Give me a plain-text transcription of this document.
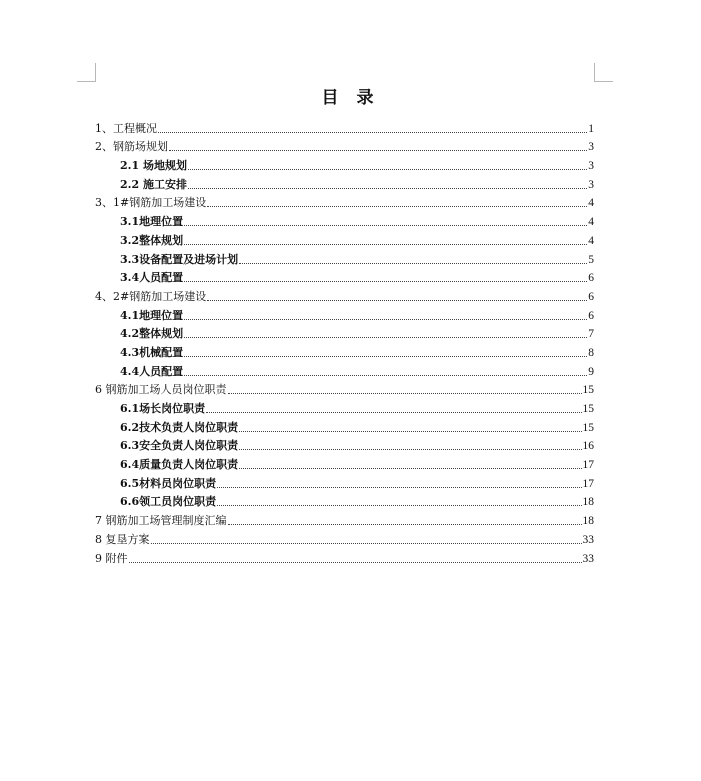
目 录
1、工程概况	1
2、钢筋场规划	3
2.1 场地规划	3
2.2 施工安排	3
3、1#钢筋加工场建设	4
3.1地理位置	4
3.2整体规划	4
3.3设备配置及进场计划	5
3.4人员配置	6
4、2#钢筋加工场建设	6
4.1地理位置	6
4.2整体规划	7
4.3机械配置	8
4.4人员配置	9
6 钢筋加工场人员岗位职责	15
6.1场长岗位职责	15
6.2技术负责人岗位职责	15
6.3安全负责人岗位职责	16
6.4质量负责人岗位职责	17
6.5材料员岗位职责	17
6.6领工员岗位职责	18
7 钢筋加工场管理制度汇编	18
8 复垦方案	33
9 附件	33
